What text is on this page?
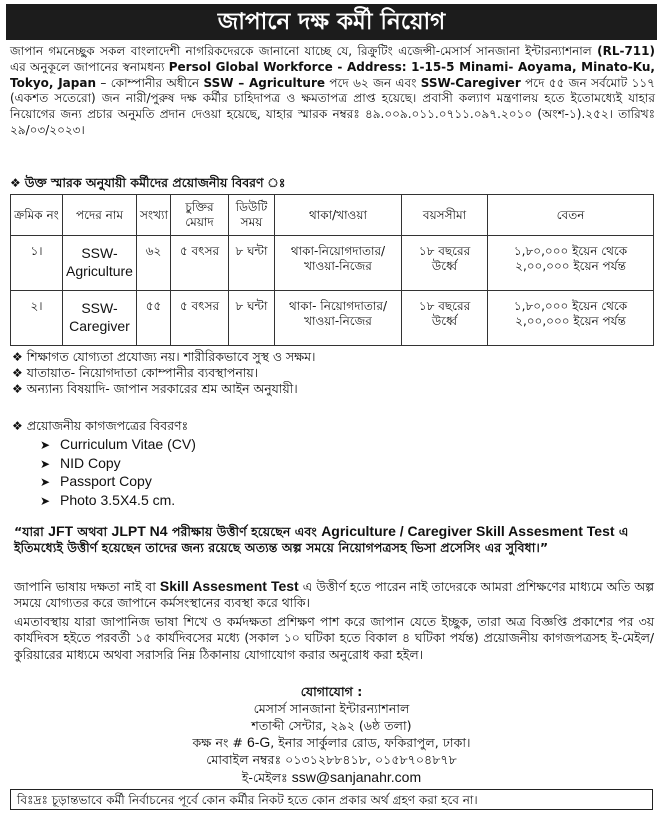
জাপানে দক্ষ কর্মী নিয়োগ
জাপান গমনেচ্ছুক সকল বাংলাদেশী নাগরিকদেরকে জানানো যাচ্ছে যে, রিক্রুটিং এজেন্সী-মেসার্স সানজানা ইন্টারন্যাশনাল (RL-711) এর অনুকূলে জাপানের স্বনামধন্য Persol Global Workforce - Address: 1-15-5 Minami- Aoyama, Minato-Ku, Tokyo, Japan – কোম্পানীর অধীনে SSW – Agriculture পদে ৬২ জন এবং SSW-Caregiver পদে ৫৫ জন সর্বমোট ১১৭ (একশত সতেরো) জন নারী/পুরুষ দক্ষ কর্মীর চাহিদাপত্র ও ক্ষমতাপত্র প্রাপ্ত হয়েছে। প্রবাসী কল্যাণ মন্ত্রণালয় হতে ইতোমধ্যেই যাহার নিয়োগের জন্য প্রচার অনুমতি প্রদান দেওয়া হয়েছে, যাহার স্মারক নম্বরঃ ৪৯.০০৯.০১১.০৭১১.০৯৭.২০১০ (অংশ-১).২৫২। তারিখঃ ২৯/০৩/২০২৩।
❖ উক্ত স্মারক অনুযায়ী কর্মীদের প্রয়োজনীয় বিবরণ ঃ
ক্রমিক নং	পদের নাম	সংখ্যা	চুক্তির মেয়াদ	ডিউটি সময়	থাকা/খাওয়া	বয়সসীমা	বেতন
১।	SSW-Agriculture	৬২	৫ বৎসর	৮ ঘন্টা	থাকা-নিয়োগদাতার/ খাওয়া-নিজের	১৮ বছরের উর্ধ্বে	১,৮০,০০০ ইয়েন থেকে ২,০০,০০০ ইয়েন পর্যন্ত
২।	SSW-Caregiver	৫৫	৫ বৎসর	৮ ঘন্টা	থাকা- নিয়োগদাতার/ খাওয়া-নিজের	১৮ বছরের উর্ধ্বে	১,৮০,০০০ ইয়েন থেকে ২,০০,০০০ ইয়েন পর্যন্ত
❖ শিক্ষাগত যোগ্যতা প্রযোজ্য নয়। শারীরিকভাবে সুস্থ ও সক্ষম।
❖ যাতায়াত- নিয়োগদাতা কোম্পানীর ব্যবস্থাপনায়।
❖ অন্যান্য বিষয়াদি- জাপান সরকারের শ্রম আইন অনুযায়ী।
❖ প্রয়োজনীয় কাগজপত্রের বিবরণঃ
➤ Curriculum Vitae (CV)
➤ NID Copy
➤ Passport Copy
➤ Photo 3.5X4.5 cm.
“যারা JFT অথবা JLPT N4 পরীক্ষায় উত্তীর্ণ হয়েছেন এবং Agriculture / Caregiver Skill Assesment Test এ ইতিমধ্যেই উত্তীর্ণ হয়েছেন তাদের জন্য রয়েছে অত্যন্ত অল্প সময়ে নিয়োগপত্রসহ ভিসা প্রসেসিং এর সুবিধা।”
জাপানি ভাষায় দক্ষতা নাই বা Skill Assesment Test এ উত্তীর্ণ হতে পারেন নাই তাদেরকে আমরা প্রশিক্ষণের মাধ্যমে অতি অল্প সময়ে যোগ্যতর করে জাপানে কর্মসংস্থানের ব্যবস্থা করে থাকি।
এমতাবস্থায় যারা জাপানিজ ভাষা শিখে ও কর্মদক্ষতা প্রশিক্ষণ পাশ করে জাপান যেতে ইচ্ছুক, তারা অত্র বিজ্ঞপ্তি প্রকাশের পর ৩য় কার্যদিবস হইতে পরবর্তী ১৫ কার্যদিবসের মধ্যে (সকাল ১০ ঘটিকা হতে বিকাল ৪ ঘটিকা পর্যন্ত) প্রয়োজনীয় কাগজপত্রসহ ই-মেইল/কুরিয়ারের মাধ্যমে অথবা সরাসরি নিম্ন ঠিকানায় যোগাযোগ করার অনুরোধ করা হইল।
যোগাযোগ :
মেসার্স সানজানা ইন্টারন্যাশনাল
শতাব্দী সেন্টার, ২৯২ (৬ষ্ঠ তলা)
কক্ষ নং # 6-G, ইনার সার্কুলার রোড, ফকিরাপুল, ঢাকা।
মোবাইল নম্বরঃ ০১৩১২৮৮৪১৮, ০১৫৮৭০৪৮৭৮
ই-মেইলঃ ssw@sanjanahr.com
বিঃদ্রঃ চূড়ান্তভাবে কর্মী নির্বাচনের পূর্বে কোন কর্মীর নিকট হতে কোন প্রকার অর্থ গ্রহণ করা হবে না।
